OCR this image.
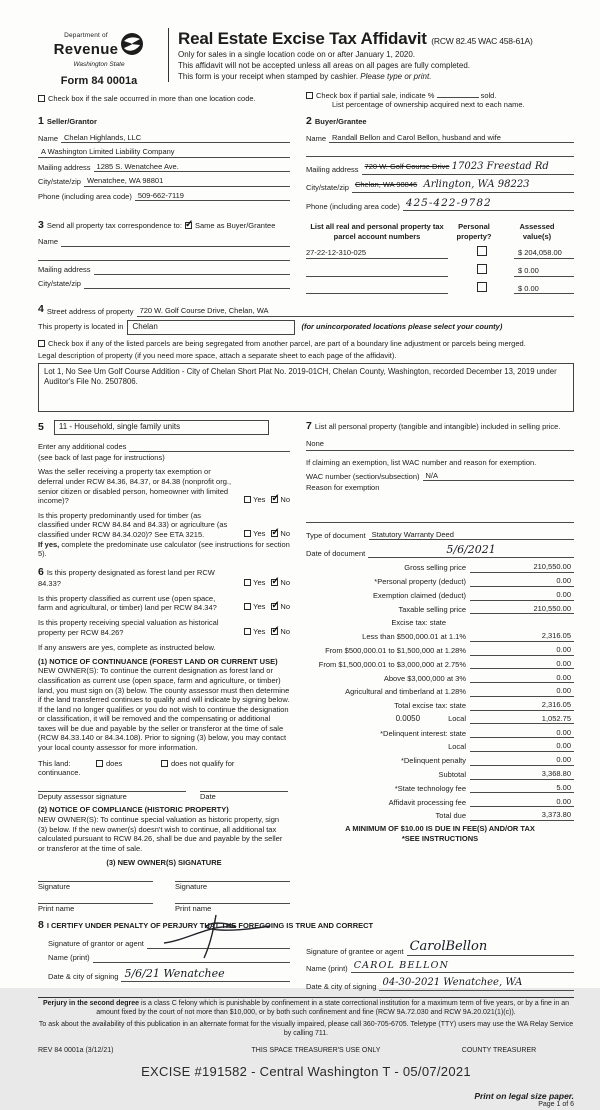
Department of
Revenue
Washington State
Form 84 0001a
Real Estate Excise Tax Affidavit (RCW 82.45 WAC 458-61A)
Only for sales in a single location code on or after January 1, 2020.
This affidavit will not be accepted unless all areas on all pages are fully completed.
This form is your receipt when stamped by cashier. Please type or print.
Check box if the sale occurred in more than one location code.	Check box if partial sale, indicate %	sold.
List percentage of ownership acquired next to each name.
1 Seller/Grantor
Name Chelan Highlands, LLC
A Washington Limited Liability Company
Mailing address 1285 S. Wenatchee Ave.
City/state/zip Wenatchee, WA 98801
Phone (including area code) 509-662-7119
2 Buyer/Grantee
Name Randall Bellon and Carol Bellon, husband and wife
Mailing address 720 W. Golf Course Drive 17023 Freestad Rd
City/state/zip Chelan, WA 98846 Arlington, WA 98223
Phone (including area code) 425-422-9782
3 Send all property tax correspondence to: ✓ Same as Buyer/Grantee
Name
Mailing address
City/state/zip
List all real and personal property tax
parcel account numbers
Personal
property?
Assessed
value(s)
27-22-12-310-025	$ 204,058.00
$ 0.00
$ 0.00
4 Street address of property 720 W. Golf Course Drive, Chelan, WA
This property is located in	Chelan	(for unincorporated locations please select your county)
Check box if any of the listed parcels are being segregated from another parcel, are part of a boundary line adjustment or parcels being merged.
Legal description of property (if you need more space, attach a separate sheet to each page of the affidavit).
Lot 1, No See Um Golf Course Addition - City of Chelan Short Plat No. 2019-01CH, Chelan County, Washington, recorded December 13, 2019 under Auditor's File No. 2507806.
5	11 - Household, single family units
Enter any additional codes
(see back of last page for instructions)
Was the seller receiving a property tax exemption or deferral under RCW 84.36, 84.37, or 84.38 (nonprofit org., senior citizen or disabled person, homeowner with limited income)?	Yes ✓ No
Is this property predominantly used for timber (as classified under RCW 84.84 and 84.33) or agriculture (as classified under RCW 84.34.020)? See ETA 3215.	Yes ✓ No
If yes, complete the predominate use calculator (see instructions for section 5).
6 Is this property designated as forest land per RCW 84.33?	Yes ✓ No
Is this property classified as current use (open space, farm and agricultural, or timber) land per RCW 84.34?	Yes ✓ No
Is this property receiving special valuation as historical property per RCW 84.26?	Yes ✓ No
If any answers are yes, complete as instructed below.
(1) NOTICE OF CONTINUANCE (FOREST LAND OR CURRENT USE)
NEW OWNER(S): To continue the current designation as forest land or classification as current use (open space, farm and agriculture, or timber) land, you must sign on (3) below. The county assessor must then determine if the land transferred continues to qualify and will indicate by signing below. If the land no longer qualifies or you do not wish to continue the designation or classification, it will be removed and the compensating or additional taxes will be due and payable by the seller or transferor at the time of sale (RCW 84.33.140 or 84.34.108). Prior to signing (3) below, you may contact your local county assessor for more information.
This land:	does	does not qualify for
continuance.
Deputy assessor signature	Date
(2) NOTICE OF COMPLIANCE (HISTORIC PROPERTY)
NEW OWNER(S): To continue special valuation as historic property, sign (3) below. If the new owner(s) doesn't wish to continue, all additional tax calculated pursuant to RCW 84.26, shall be due and payable by the seller or transferor at the time of sale.
(3) NEW OWNER(S) SIGNATURE
Signature	Signature
Print name	Print name
7 List all personal property (tangible and intangible) included in selling price.
None
If claiming an exemption, list WAC number and reason for exemption.
WAC number (section/subsection) N/A
Reason for exemption
Type of document Statutory Warranty Deed
Date of document	5/6/2021
Gross selling price	210,550.00
*Personal property (deduct)	0.00
Exemption claimed (deduct)	0.00
Taxable selling price	210,550.00
Excise tax: state
Less than $500,000.01 at 1.1%	2,316.05
From $500,000.01 to $1,500,000 at 1.28%	0.00
From $1,500,000.01 to $3,000,000 at 2.75%	0.00
Above $3,000,000 at 3%	0.00
Agricultural and timberland at 1.28%	0.00
Total excise tax: state	2,316.05
0.0050	Local	1,052.75
*Delinquent interest: state	0.00
Local	0.00
*Delinquent penalty	0.00
Subtotal	3,368.80
*State technology fee	5.00
Affidavit processing fee	0.00
Total due	3,373.80
A MINIMUM OF $10.00 IS DUE IN FEE(S) AND/OR TAX
*SEE INSTRUCTIONS
8 I CERTIFY UNDER PENALTY OF PERJURY THAT THE FOREGOING IS TRUE AND CORRECT
Signature of grantor or agent
Name (print)
Date & city of signing 5/6/21 Wenatchee
Signature of grantee or agent CarolBellon
Name (print) CAROL BELLON
Date & city of signing 04-30-2021 Wenatchee, WA
Perjury in the second degree is a class C felony which is punishable by confinement in a state correctional institution for a maximum term of five years, or by a fine in an amount fixed by the court of not more than $10,000, or by both such confinement and fine (RCW 9A.72.030 and RCW 9A.20.021(1)(c)).
To ask about the availability of this publication in an alternate format for the visually impaired, please call 360-705-6705. Teletype (TTY) users may use the WA Relay Service by calling 711.
REV 84 0001a (3/12/21)	THIS SPACE TREASURER'S USE ONLY	COUNTY TREASURER
EXCISE #191582 - Central Washington T - 05/07/2021
Print on legal size paper.
Page 1 of 6
